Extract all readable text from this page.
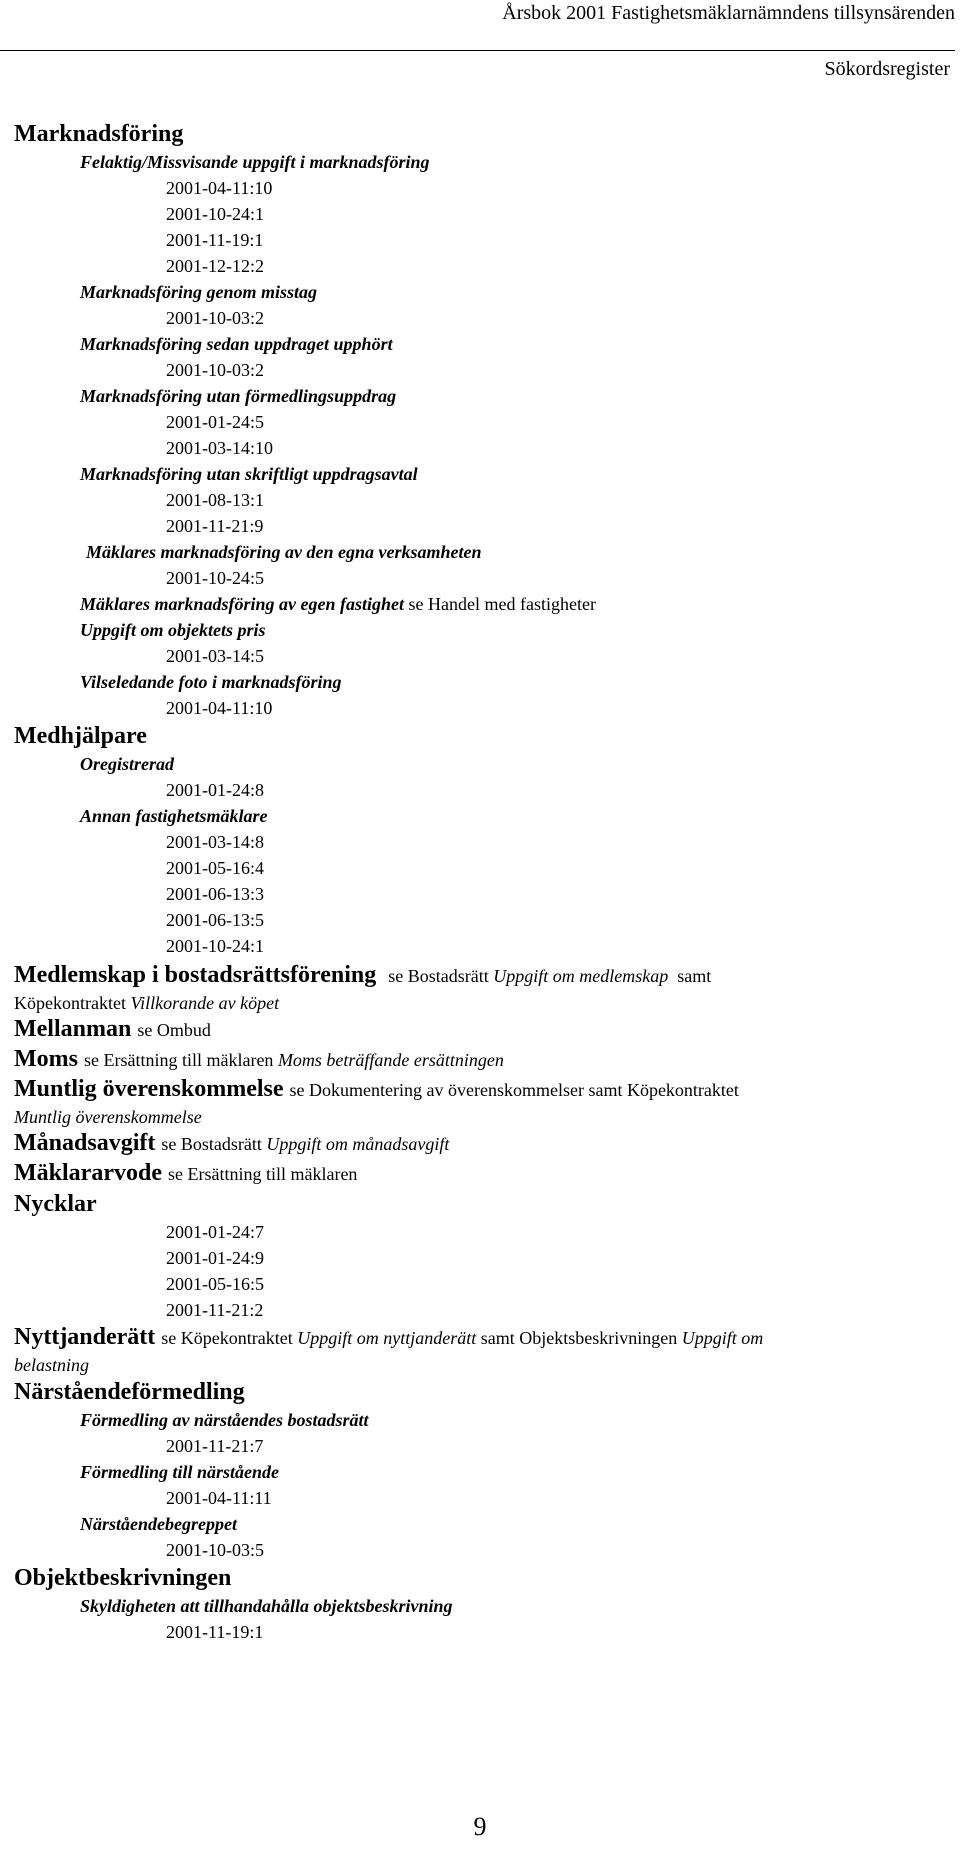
Årsbok 2001 Fastighetsmäklarnämndens tillsynsärenden
Sökordsregister

Marknadsföring

Felaktig/Missvisande uppgift i marknadsföring

2001-04-11:10

2001-10-24:1

2001-11-19:1

2001-12-12:2

Marknadsföring genom misstag

2001-10-03:2

Marknadsföring sedan uppdraget upphört

2001-10-03:2

Marknadsföring utan förmedlingsuppdrag

2001-01-24:5

2001-03-14:10

Marknadsföring utan skriftligt uppdragsavtal

2001-08-13:1

2001-11-21:9

Mäklares marknadsföring av den egna verksamheten

2001-10-24:5

Mäklares marknadsföring av egen fastighet se Handel med fastigheter

Uppgift om objektets pris

2001-03-14:5

Vilseledande foto i marknadsföring

2001-04-11:10

Medhjälpare

Oregistrerad

2001-01-24:8

Annan fastighetsmäklare

2001-03-14:8

2001-05-16:4

2001-06-13:3

2001-06-13:5

2001-10-24:1

Medlemskap i bostadsrättsförening se Bostadsrätt Uppgift om medlemskap samt

Köpekontraktet Villkorande av köpet

Mellanman se Ombud

Moms se Ersättning till mäklaren Moms beträffande ersättningen

Muntlig överenskommelse se Dokumentering av överenskommelser samt Köpekontraktet

Muntlig överenskommelse

Månadsavgift se Bostadsrätt Uppgift om månadsavgift

Mäklararvode se Ersättning till mäklaren

Nycklar

2001-01-24:7

2001-01-24:9

2001-05-16:5

2001-11-21:2

Nyttjanderätt se Köpekontraktet Uppgift om nyttjanderätt samt Objektsbeskrivningen Uppgift om

belastning

Närståendeförmedling

Förmedling av närståendes bostadsrätt

2001-11-21:7

Förmedling till närstående

2001-04-11:11

Närståendebegreppet

2001-10-03:5

Objektbeskrivningen

Skyldigheten att tillhandahålla objektsbeskrivning

2001-11-19:1

9
